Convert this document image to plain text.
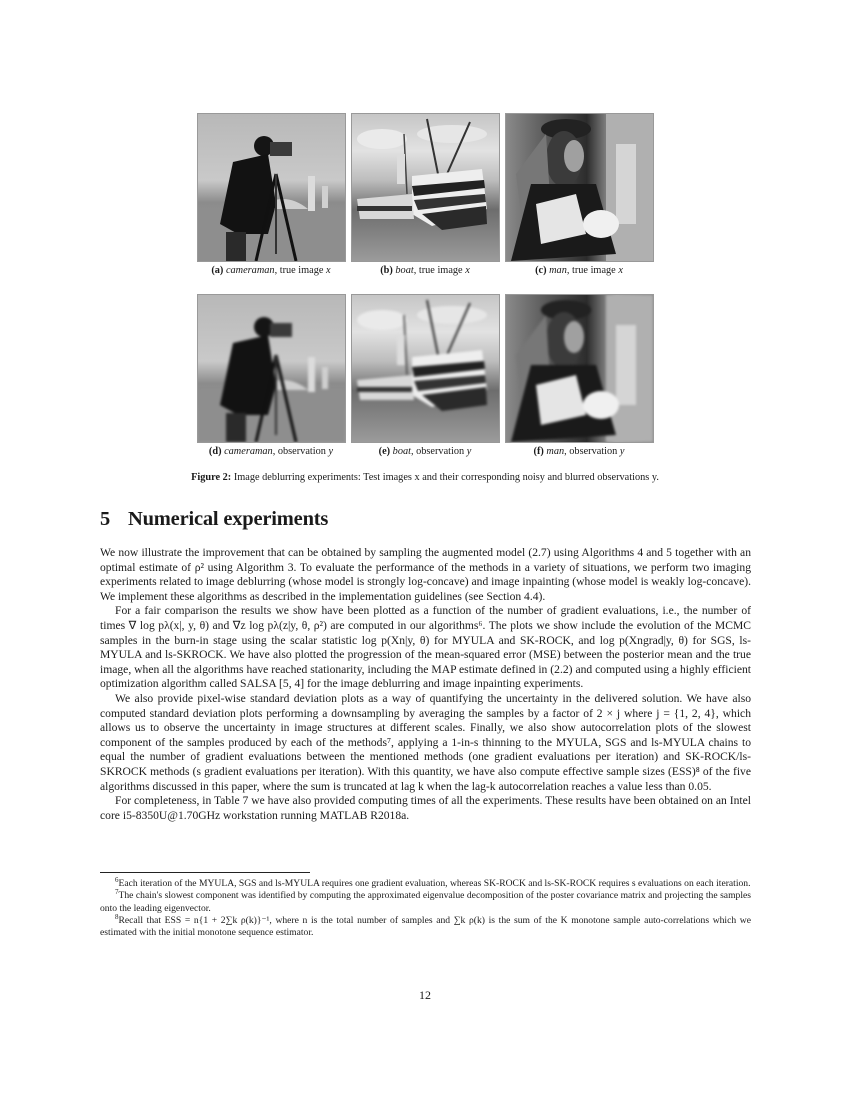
(a) cameraman, true image x	(b) boat, true image x	(c) man, true image x
(d) cameraman, observation y	(e) boat, observation y	(f) man, observation y
Figure 2: Image deblurring experiments: Test images x and their corresponding noisy and blurred observations y.
5 Numerical experiments

We now illustrate the improvement that can be obtained by sampling the augmented model (2.7) using Algorithms 4 and 5 together with an optimal estimate of ρ² using Algorithm 3. To evaluate the performance of the methods in a variety of situations, we perform two imaging experiments related to image deblurring (whose model is strongly log-concave) and image inpainting (whose model is weakly log-concave). We implement these algorithms as described in the implementation guidelines (see Section 4.4).

For a fair comparison the results we show have been plotted as a function of the number of gradient evaluations, i.e., the number of times ∇ log pλ(x|, y, θ) and ∇z log pλ(z|y, θ, ρ²) are computed in our algorithms⁶. The plots we show include the evolution of the MCMC samples in the burn-in stage using the scalar statistic log p(Xn|y, θ) for MYULA and SK-ROCK, and log p(Xngrad|y, θ) for SGS, ls-MYULA and ls-SKROCK. We have also plotted the progression of the mean-squared error (MSE) between the posterior mean and the true image, when all the algorithms have reached stationarity, including the MAP estimate defined in (2.2) and computed using a highly efficient optimization algorithm called SALSA [5, 4] for the image deblurring and image inpainting experiments.

We also provide pixel-wise standard deviation plots as a way of quantifying the uncertainty in the delivered solution. We have also computed standard deviation plots performing a downsampling by averaging the samples by a factor of 2 × j where j = {1, 2, 4}, which allows us to observe the uncertainty in image structures at different scales. Finally, we also show autocorrelation plots of the slowest component of the samples produced by each of the methods⁷, applying a 1-in-s thinning to the MYULA, SGS and ls-MYULA chains to equal the number of gradient evaluations between the mentioned methods (one gradient evaluations per iteration) and SK-ROCK/ls-SKROCK methods (s gradient evaluations per iteration). With this quantity, we have also compute effective sample sizes (ESS)⁸ of the five algorithms discussed in this paper, where the sum is truncated at lag k when the lag-k autocorrelation reaches a value less than 0.05.

For completeness, in Table 7 we have also provided computing times of all the experiments. These results have been obtained on an Intel core i5-8350U@1.70GHz workstation running MATLAB R2018a.

$^6$Each iteration of the MYULA, SGS and ls-MYULA requires one gradient evaluation, whereas SK-ROCK and ls-SK-ROCK requires s evaluations on each iteration.

$^7$The chain's slowest component was identified by computing the approximated eigenvalue decomposition of the poster covariance matrix and projecting the samples onto the leading eigenvector.

$^8$Recall that ESS = n{1 + 2∑k ρ(k)}⁻¹, where n is the total number of samples and ∑k ρ(k) is the sum of the K monotone sample auto-correlations which we estimated with the initial monotone sequence estimator.

12
